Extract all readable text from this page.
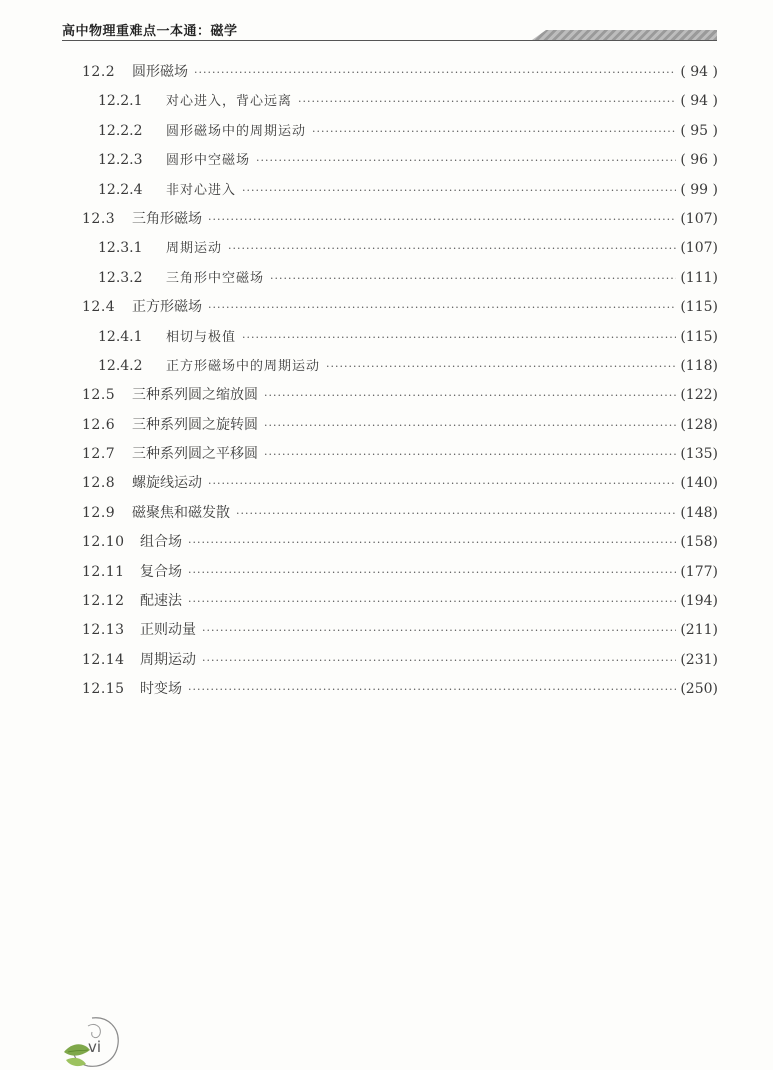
高中物理重难点一本通：磁学
12.2	圆形磁场 ·····	( 94 )
12.2.1	对心进入，背心远离 ·····	( 94 )
12.2.2	圆形磁场中的周期运动 ·····	( 95 )
12.2.3	圆形中空磁场 ·····	( 96 )
12.2.4	非对心进入 ·····	( 99 )
12.3	三角形磁场 ·····	(107)
12.3.1	周期运动 ·····	(107)
12.3.2	三角形中空磁场 ·····	(111)
12.4	正方形磁场 ·····	(115)
12.4.1	相切与极值 ·····	(115)
12.4.2	正方形磁场中的周期运动 ·····	(118)
12.5	三种系列圆之缩放圆 ·····	(122)
12.6	三种系列圆之旋转圆 ·····	(128)
12.7	三种系列圆之平移圆 ·····	(135)
12.8	螺旋线运动 ·····	(140)
12.9	磁聚焦和磁发散 ·····	(148)
12.10	组合场 ·····	(158)
12.11	复合场 ·····	(177)
12.12	配速法 ·····	(194)
12.13	正则动量 ·····	(211)
12.14	周期运动 ·····	(231)
12.15	时变场 ·····	(250)
vi
